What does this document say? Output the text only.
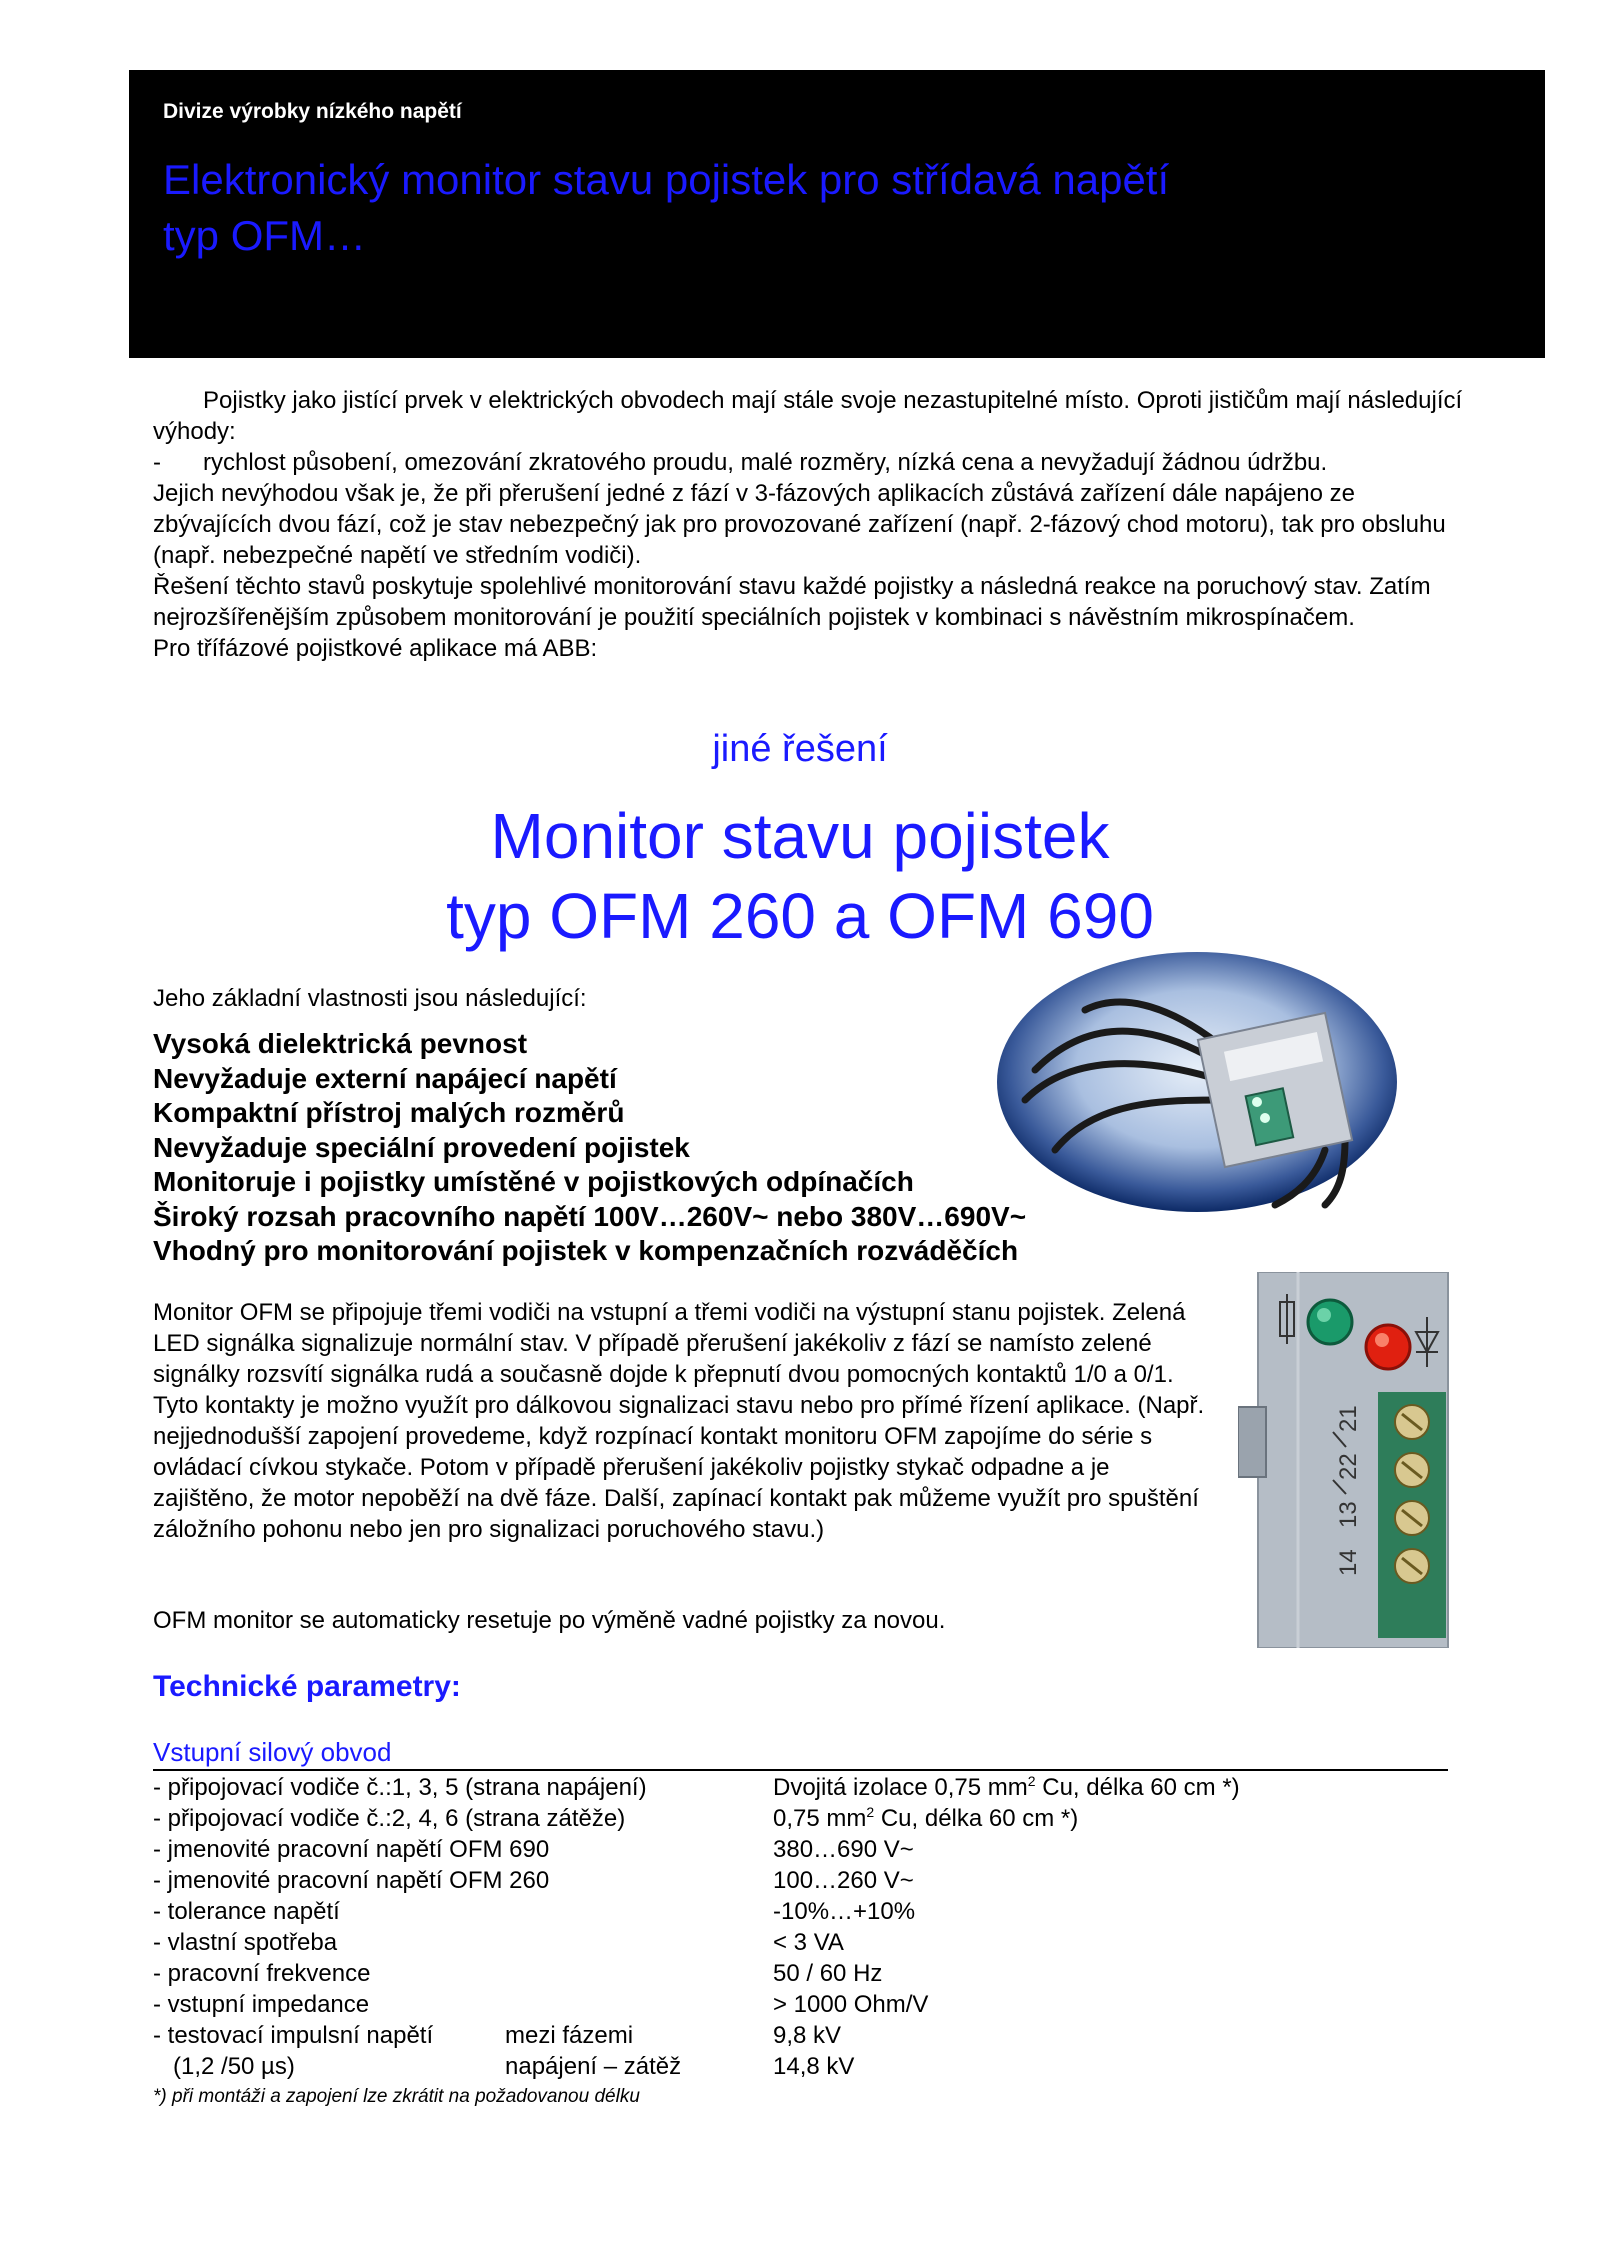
Divize výrobky nízkého napětí
Elektronický monitor stavu pojistek pro střídavá napětí
typ OFM…

Pojistky jako jistící prvek v elektrických obvodech mají stále svoje nezastupitelné místo. Oproti jističům mají následující výhody:

-	rychlost působení, omezování zkratového proudu, malé rozměry, nízká cena a nevyžadují žádnou údržbu.

Jejich nevýhodou však je, že při přerušení jedné z fází v 3-fázových aplikacích zůstává zařízení dále napájeno ze zbývajících dvou fází, což je stav nebezpečný jak pro provozované zařízení (např. 2-fázový chod motoru), tak pro obsluhu (např. nebezpečné napětí ve středním vodiči).

Řešení těchto stavů poskytuje spolehlivé monitorování stavu každé pojistky a následná reakce na poruchový stav. Zatím nejrozšířenějším způsobem monitorování je použití speciálních pojistek v kombinaci s návěstním mikrospínačem.

Pro třífázové pojistkové aplikace má ABB:

jiné řešení
Monitor stavu pojistek
typ OFM 260 a OFM 690
Jeho základní vlastnosti jsou následující:
Vysoká dielektrická pevnost
Nevyžaduje externí napájecí napětí
Kompaktní přístroj malých rozměrů
Nevyžaduje speciální provedení pojistek
Monitoruje i pojistky umístěné v pojistkových odpínačích
Široký rozsah pracovního napětí 100V…260V~ nebo 380V…690V~
Vhodný pro monitorování pojistek v kompenzačních rozváděčích
21
22
13
14
Monitor OFM se připojuje třemi vodiči na vstupní a třemi vodiči na výstupní stanu pojistek. Zelená LED signálka signalizuje normální stav. V případě přerušení jakékoliv z fází se namísto zelené signálky rozsvítí signálka rudá a současně dojde k přepnutí dvou pomocných kontaktů 1/0 a 0/1. Tyto kontakty je možno využít pro dálkovou signalizaci stavu nebo pro přímé řízení aplikace. (Např. nejjednodušší zapojení provedeme, když rozpínací kontakt monitoru OFM zapojíme do série s ovládací cívkou stykače. Potom v případě přerušení jakékoliv pojistky stykač odpadne a je zajištěno, že motor nepoběží na dvě fáze. Další, zapínací kontakt pak můžeme využít pro spuštění záložního pohonu nebo jen pro signalizaci poruchového stavu.)
OFM monitor se automaticky resetuje po výměně vadné pojistky za novou.
Technické parametry:
Vstupní silový obvod
- připojovací vodiče č.:1, 3, 5 (strana napájení)	Dvojitá izolace 0,75 $mm^2$ Cu, délka 60 cm *)
- připojovací vodiče č.:2, 4, 6 (strana zátěže)	0,75 $mm^2$ Cu, délka 60 cm *)
- jmenovité pracovní napětí OFM 690	380…690 V~
- jmenovité pracovní napětí OFM 260	100…260 V~
- tolerance napětí	-10%…+10%
- vlastní spotřeba	< 3 VA
- pracovní frekvence	50 / 60 Hz
- vstupní impedance	> 1000 Ohm/V
- testovací impulsní napětí	mezi fázemi	9,8 kV
(1,2 /50 µs)	napájení – zátěž	14,8 kV
*) při montáži a zapojení lze zkrátit na požadovanou délku
